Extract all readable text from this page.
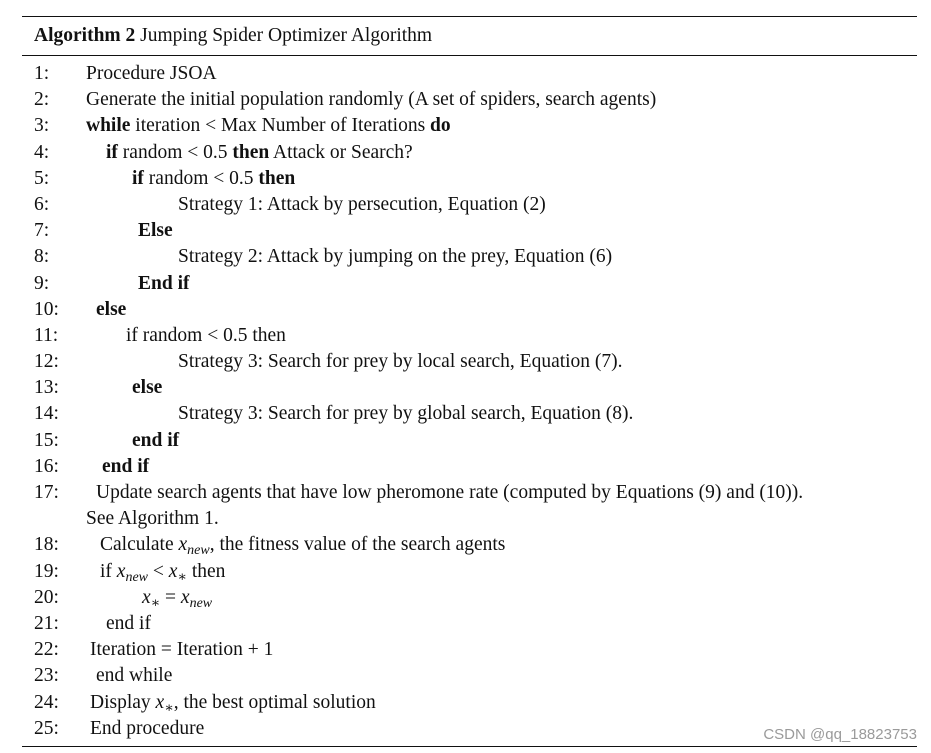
Algorithm 2 Jumping Spider Optimizer Algorithm
1: Procedure JSOA
2: Generate the initial population randomly (A set of spiders, search agents)
3: while iteration < Max Number of Iterations do
4:	if random < 0.5 then Attack or Search?
5:	if random < 0.5 then
6:	Strategy 1: Attack by persecution, Equation (2)
7:	Else
8:	Strategy 2: Attack by jumping on the prey, Equation (6)
9:	End if
10: else
11:	if random < 0.5 then
12:	Strategy 3: Search for prey by local search, Equation (7).
13:	else
14:	Strategy 3: Search for prey by global search, Equation (8).
15:	end if
16: end if
17: Update search agents that have low pheromone rate (computed by Equations (9) and (10)).
See Algorithm 1.
18: Calculate $x_{new}$, the fitness value of the search agents
19: if $x_{new} < x_∗$ then
20:	$x_∗ = x_{new}$
21: end if
22: Iteration = Iteration + 1
23: end while
24: Display $x_∗$, the best optimal solution
25: End procedure	CSDN @qq_18823753
